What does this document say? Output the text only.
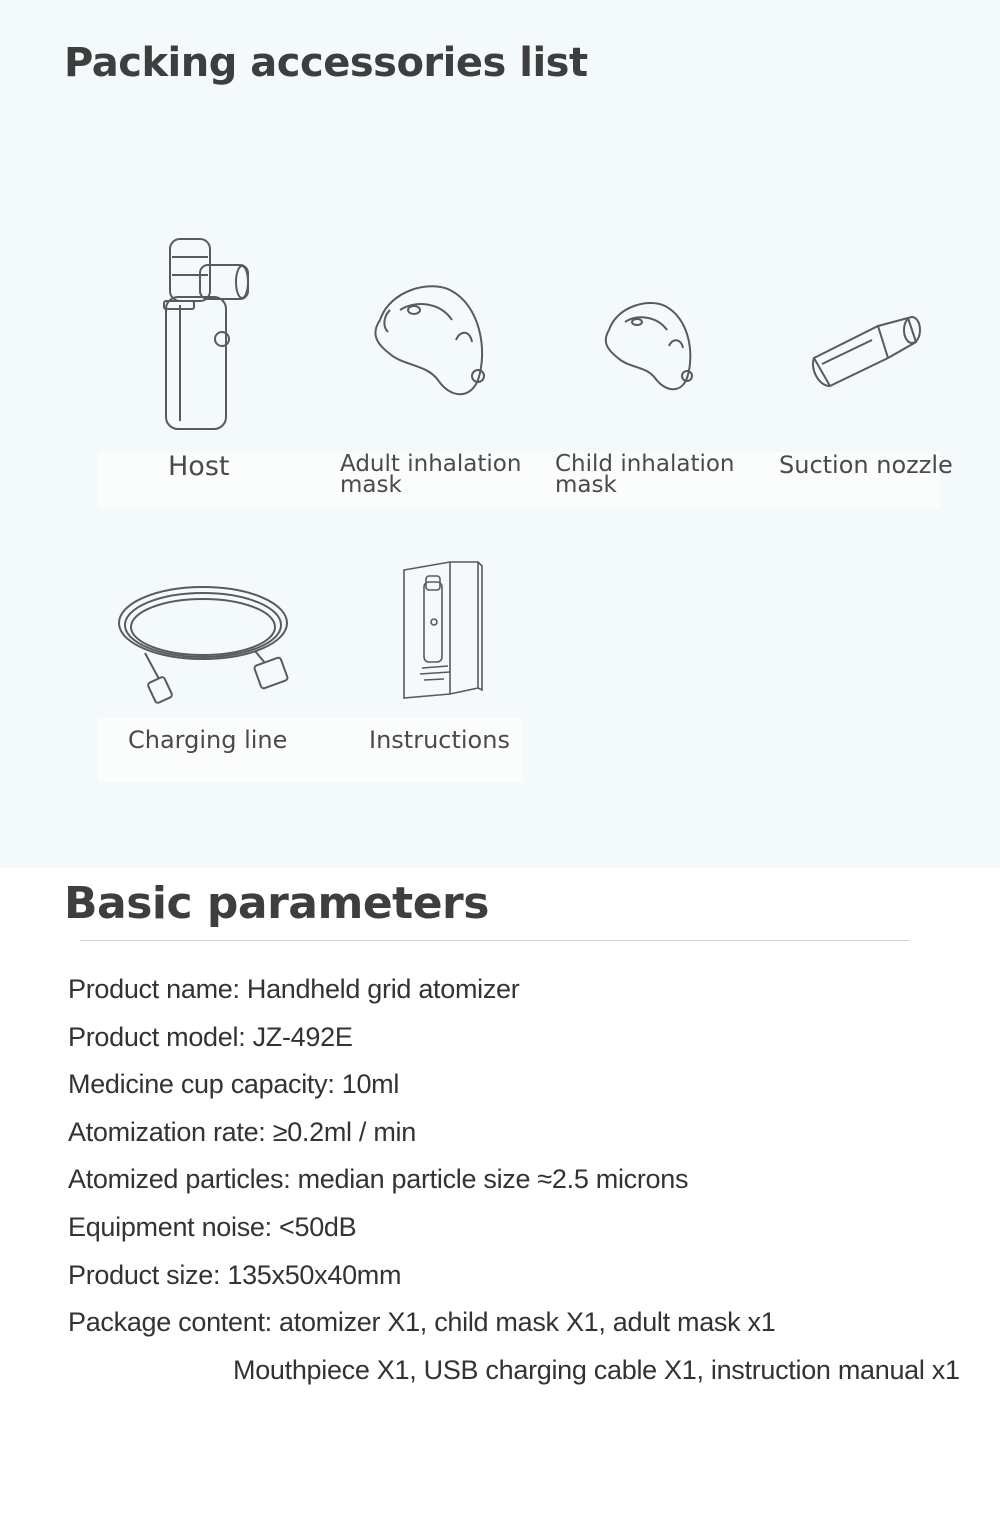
Packing accessories list
Host	Adult inhalation mask
Child inhalation mask
Suction nozzle
Charging line	Instructions
Basic parameters
Product name: Handheld grid atomizer
Product model: JZ-492E
Medicine cup capacity: 10ml
Atomization rate: ≥0.2ml / min
Atomized particles: median particle size ≈2.5 microns
Equipment noise: <50dB
Product size: 135x50x40mm
Package content: atomizer X1, child mask X1, adult mask x1
Mouthpiece X1, USB charging cable X1, instruction manual x1
